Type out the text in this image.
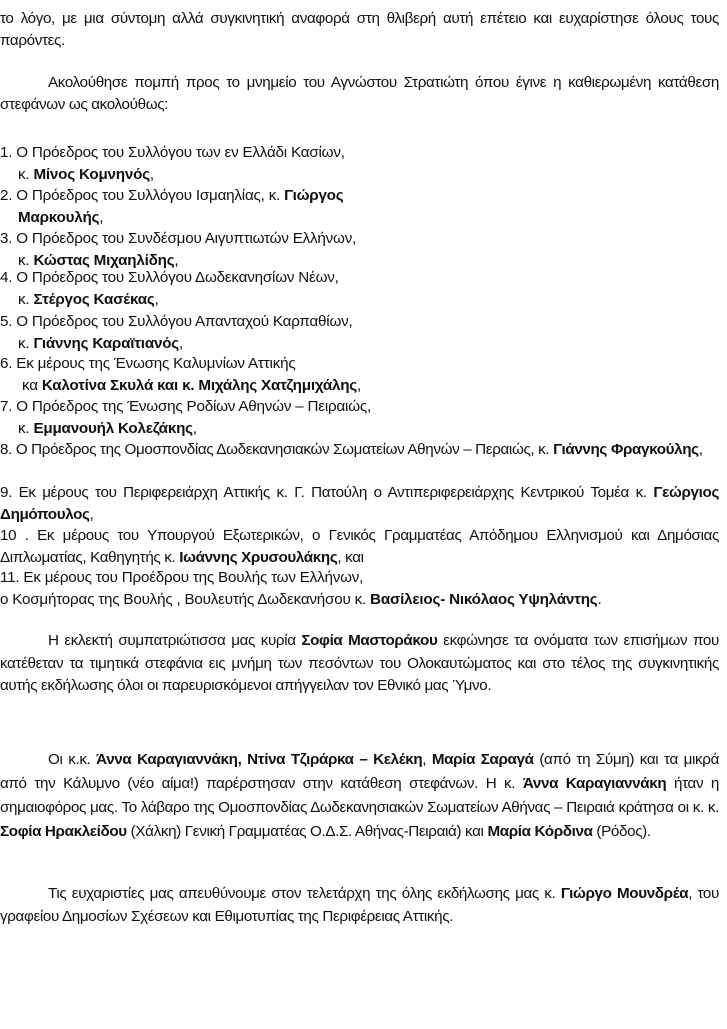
το λόγο, με μια σύντομη αλλά συγκινητική αναφορά στη θλιβερή αυτή επέτειο και ευχαρίστησε όλους τους παρόντες.
Ακολούθησε πομπή προς το μνημείο του Αγνώστου Στρατιώτη όπου έγινε η καθιερωμένη κατάθεση στεφάνων ως ακολούθως:
1. Ο Πρόεδρος του Συλλόγου των εν Ελλάδι Κασίων,
κ. Μίνος Κομνηνός,
2. Ο Πρόεδρος του Συλλόγου Ισμαηλίας, κ. Γιώργος
Μαρκουλής,
3. Ο Πρόεδρος του Συνδέσμου Αιγυπτιωτών Ελλήνων,
κ. Κώστας Μιχαηλίδης,
4. Ο Πρόεδρος του Συλλόγου Δωδεκανησίων Νέων,
κ. Στέργος Κασέκας,
5. Ο Πρόεδρος του Συλλόγου Απανταχού Καρπαθίων,
κ. Γιάννης Καραϊτιανός,
6. Εκ μέρους της Ένωσης Καλυμνίων Αττικής
κα Καλοτίνα Σκυλά και κ. Μιχάλης Χατζημιχάλης,
7. Ο Πρόεδρος της Ένωσης Ροδίων Αθηνών – Πειραιώς,
κ. Εμμανουήλ Κολεζάκης,
8. Ο Πρόεδρος της Ομοσπονδίας Δωδεκανησιακών Σωματείων Αθηνών – Περαιώς, κ. Γιάννης Φραγκούλης,
9. Εκ μέρους του Περιφερειάρχη Αττικής κ. Γ. Πατούλη ο Αντιπεριφερειάρχης Κεντρικού Τομέα κ. Γεώργιος Δημόπουλος,
10 . Εκ μέρους του Υπουργού Εξωτερικών, ο Γενικός Γραμματέας Απόδημου Ελληνισμού και Δημόσιας Διπλωματίας, Καθηγητής κ. Ιωάννης Χρυσουλάκης, και
11. Εκ μέρους του Προέδρου της Βουλής των Ελλήνων,
ο Κοσμήτορας της Βουλής , Βουλευτής Δωδεκανήσου κ. Βασίλειος- Νικόλαος Υψηλάντης.
Η εκλεκτή συμπατριώτισσα μας κυρία Σοφία Μαστοράκου εκφώνησε τα ονόματα των επισήμων που κατέθεταν τα τιμητικά στεφάνια εις μνήμη των πεσόντων του Ολοκαυτώματος και στο τέλος της συγκινητικής αυτής εκδήλωσης όλοι οι παρευρισκόμενοι απήγγειλαν τον Εθνικό μας Ύμνο.
Οι κ.κ. Άννα Καραγιαννάκη, Ντίνα Τζιράρκα – Κελέκη, Μαρία Σαραγά (από τη Σύμη) και τα μικρά από την Κάλυμνο (νέο αίμα!) παρέρστησαν στην κατάθεση στεφάνων. Η κ. Άννα Καραγιαννάκη ήταν η σημαιοφόρος μας. Το λάβαρο της Ομοσπονδίας Δωδεκανησιακών Σωματείων Αθήνας – Πειραιά κράτησα οι κ. κ. Σοφία Ηρακλείδου (Χάλκη) Γενική Γραμματέας Ο.Δ.Σ. Αθήνας-Πειραιά) και Μαρία Κόρδινα (Ρόδος).
Τις ευχαριστίες μας απευθύνουμε στον τελετάρχη της όλης εκδήλωσης μας κ. Γιώργο Μουνδρέα, του γραφείου Δημοσίων Σχέσεων και Εθιμοτυπίας της Περιφέρειας Αττικής.
